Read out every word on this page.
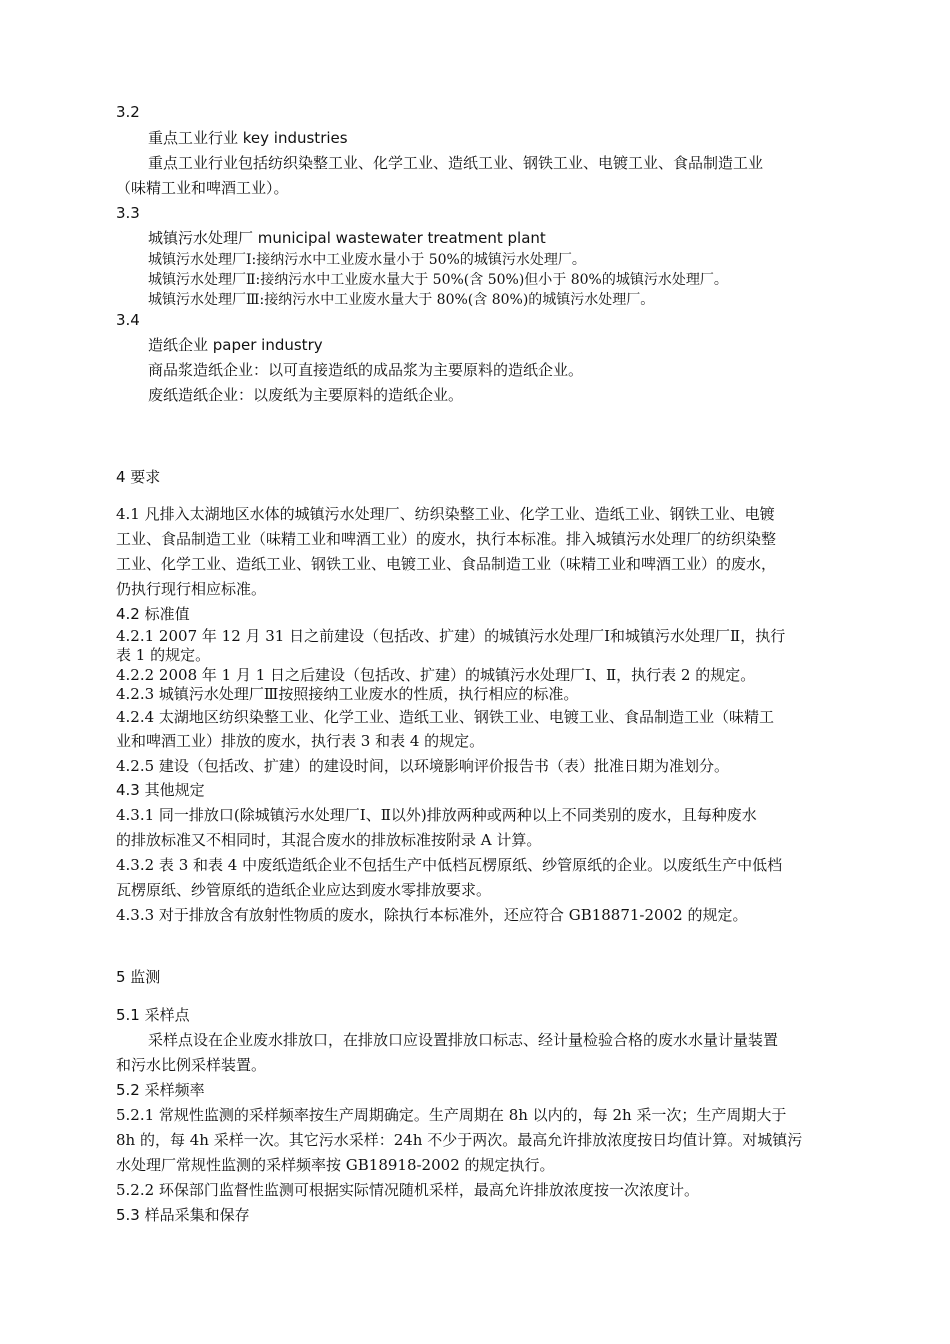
3.2
重点工业行业 key industries
重点工业行业包括纺织染整工业、化学工业、造纸工业、钢铁工业、电镀工业、食品制造工业
（味精工业和啤酒工业）。
3.3
城镇污水处理厂 municipal wastewater treatment plant
城镇污水处理厂Ⅰ:接纳污水中工业废水量小于 50%的城镇污水处理厂。
城镇污水处理厂Ⅱ:接纳污水中工业废水量大于 50%(含 50%)但小于 80%的城镇污水处理厂。
城镇污水处理厂Ⅲ:接纳污水中工业废水量大于 80%(含 80%)的城镇污水处理厂。
3.4
造纸企业 paper industry
商品浆造纸企业：以可直接造纸的成品浆为主要原料的造纸企业。
废纸造纸企业：以废纸为主要原料的造纸企业。
4 要求
4.1 凡排入太湖地区水体的城镇污水处理厂、纺织染整工业、化学工业、造纸工业、钢铁工业、电镀
工业、食品制造工业（味精工业和啤酒工业）的废水，执行本标准。排入城镇污水处理厂的纺织染整
工业、化学工业、造纸工业、钢铁工业、电镀工业、食品制造工业（味精工业和啤酒工业）的废水，
仍执行现行相应标准。
4.2 标准值
4.2.1 2007 年 12 月 31 日之前建设（包括改、扩建）的城镇污水处理厂Ⅰ和城镇污水处理厂Ⅱ，执行
表 1 的规定。
4.2.2 2008 年 1 月 1 日之后建设（包括改、扩建）的城镇污水处理厂Ⅰ、Ⅱ，执行表 2 的规定。
4.2.3 城镇污水处理厂Ⅲ按照接纳工业废水的性质，执行相应的标准。
4.2.4 太湖地区纺织染整工业、化学工业、造纸工业、钢铁工业、电镀工业、食品制造工业（味精工
业和啤酒工业）排放的废水，执行表 3 和表 4 的规定。
4.2.5 建设（包括改、扩建）的建设时间，以环境影响评价报告书（表）批准日期为准划分。
4.3 其他规定
4.3.1 同一排放口(除城镇污水处理厂Ⅰ、Ⅱ以外)排放两种或两种以上不同类别的废水，且每种废水
的排放标准又不相同时，其混合废水的排放标准按附录 A 计算。
4.3.2 表 3 和表 4 中废纸造纸企业不包括生产中低档瓦楞原纸、纱管原纸的企业。以废纸生产中低档
瓦楞原纸、纱管原纸的造纸企业应达到废水零排放要求。
4.3.3 对于排放含有放射性物质的废水，除执行本标准外，还应符合 GB18871-2002 的规定。
5 监测
5.1 采样点
采样点设在企业废水排放口，在排放口应设置排放口标志、经计量检验合格的废水水量计量装置
和污水比例采样装置。
5.2 采样频率
5.2.1 常规性监测的采样频率按生产周期确定。生产周期在 8h 以内的，每 2h 采一次；生产周期大于
8h 的，每 4h 采样一次。其它污水采样：24h 不少于两次。最高允许排放浓度按日均值计算。对城镇污
水处理厂常规性监测的采样频率按 GB18918-2002 的规定执行。
5.2.2 环保部门监督性监测可根据实际情况随机采样，最高允许排放浓度按一次浓度计。
5.3 样品采集和保存
